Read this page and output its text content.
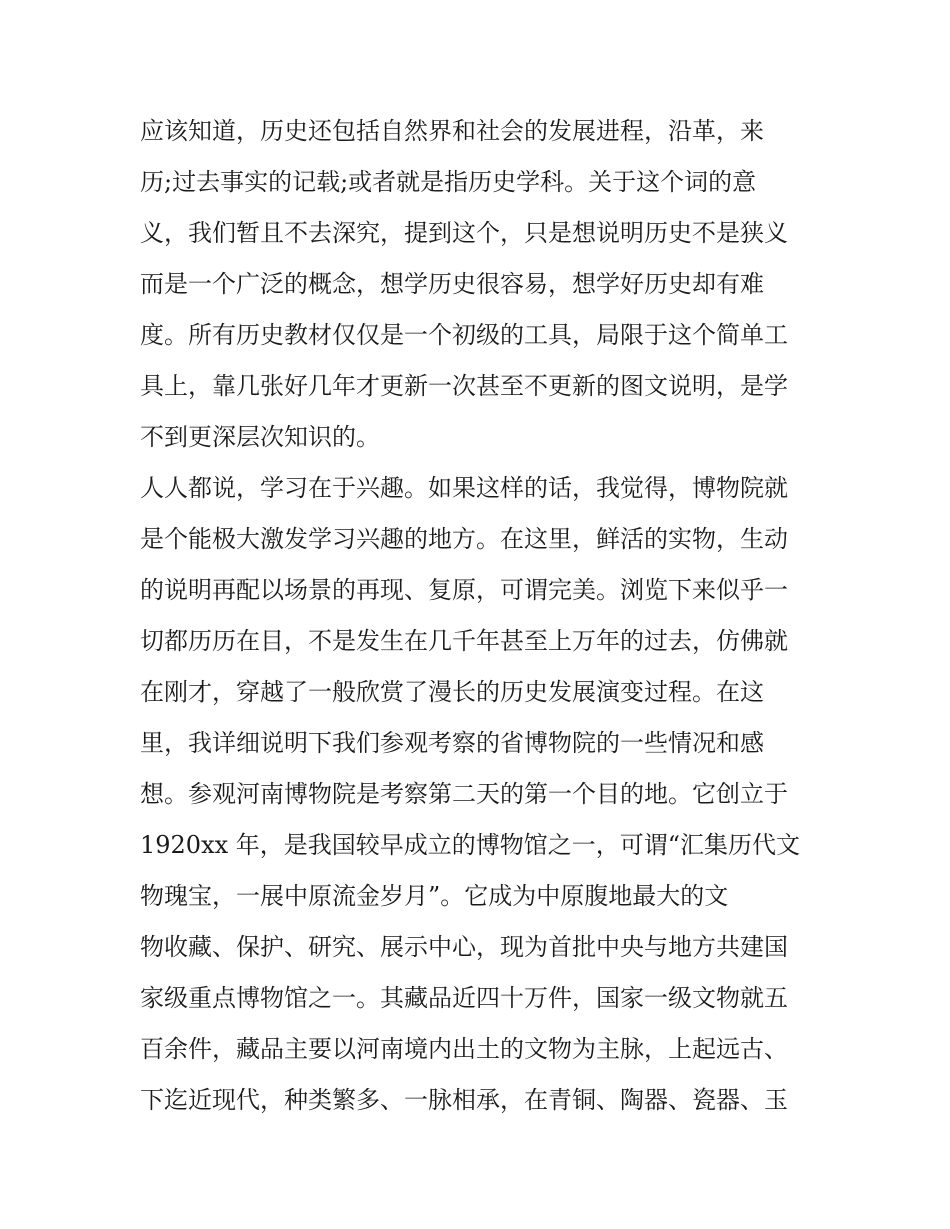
应该知道，历史还包括自然界和社会的发展进程，沿革，来
历;过去事实的记载;或者就是指历史学科。关于这个词的意
义，我们暂且不去深究，提到这个，只是想说明历史不是狭义
而是一个广泛的概念，想学历史很容易，想学好历史却有难
度。所有历史教材仅仅是一个初级的工具，局限于这个简单工
具上，靠几张好几年才更新一次甚至不更新的图文说明，是学
不到更深层次知识的。
人人都说，学习在于兴趣。如果这样的话，我觉得，博物院就
是个能极大激发学习兴趣的地方。在这里，鲜活的实物，生动
的说明再配以场景的再现、复原，可谓完美。浏览下来似乎一
切都历历在目，不是发生在几千年甚至上万年的过去，仿佛就
在刚才，穿越了一般欣赏了漫长的历史发展演变过程。在这
里，我详细说明下我们参观考察的省博物院的一些情况和感
想。参观河南博物院是考察第二天的第一个目的地。它创立于
1920xx 年，是我国较早成立的博物馆之一，可谓“汇集历代文
物瑰宝，一展中原流金岁月”。它成为中原腹地最大的文
物收藏、保护、研究、展示中心，现为首批中央与地方共建国
家级重点博物馆之一。其藏品近四十万件，国家一级文物就五
百余件，藏品主要以河南境内出土的文物为主脉，上起远古、
下迄近现代，种类繁多、一脉相承，在青铜、陶器、瓷器、玉
